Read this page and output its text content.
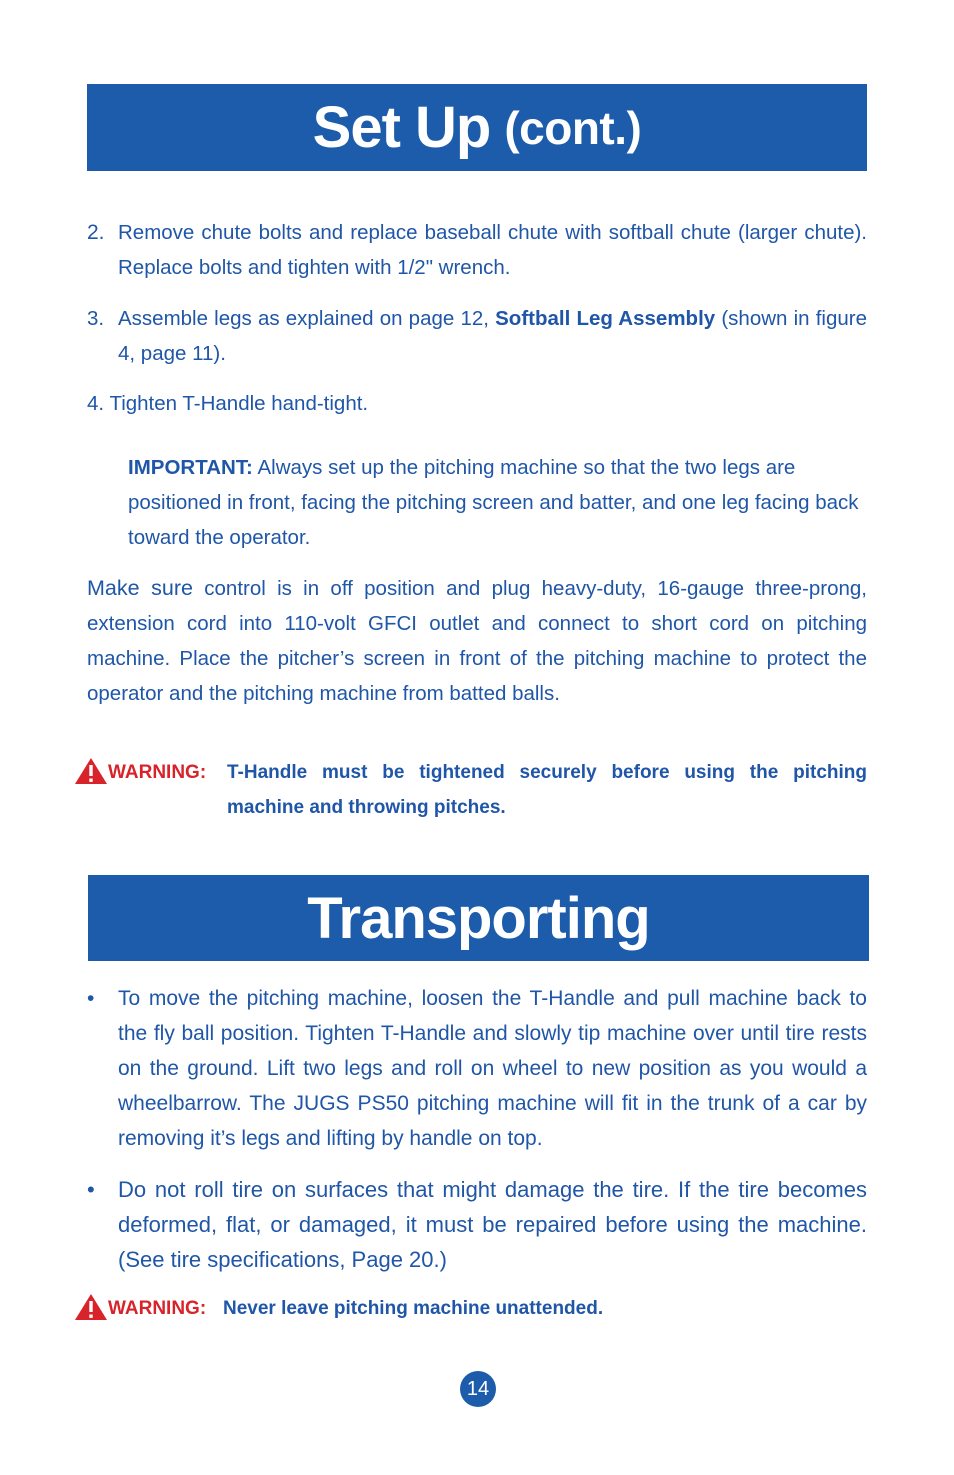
Set Up (cont.)
2. Remove chute bolts and replace baseball chute with softball chute (larger chute). Replace bolts and tighten with 1/2" wrench.
3. Assemble legs as explained on page 12, Softball Leg Assembly (shown in figure 4, page 11).
4. Tighten T-Handle hand-tight.
IMPORTANT: Always set up the pitching machine so that the two legs are positioned in front, facing the pitching screen and batter, and one leg facing back toward the operator.
Make sure control is in off position and plug heavy-duty, 16-gauge three-prong, extension cord into 110-volt GFCI outlet and connect to short cord on pitching machine. Place the pitcher’s screen in front of the pitching machine to protect the operator and the pitching machine from batted balls.
WARNING: T-Handle must be tightened securely before using the pitching machine and throwing pitches.
Transporting
• To move the pitching machine, loosen the T-Handle and pull machine back to the fly ball position. Tighten T-Handle and slowly tip machine over until tire rests on the ground. Lift two legs and roll on wheel to new position as you would a wheelbarrow. The JUGS PS50 pitching machine will fit in the trunk of a car by removing it’s legs and lifting by handle on top.
• Do not roll tire on surfaces that might damage the tire. If the tire becomes deformed, flat, or damaged, it must be repaired before using the machine. (See tire specifications, Page 20.)
WARNING: Never leave pitching machine unattended.
14
